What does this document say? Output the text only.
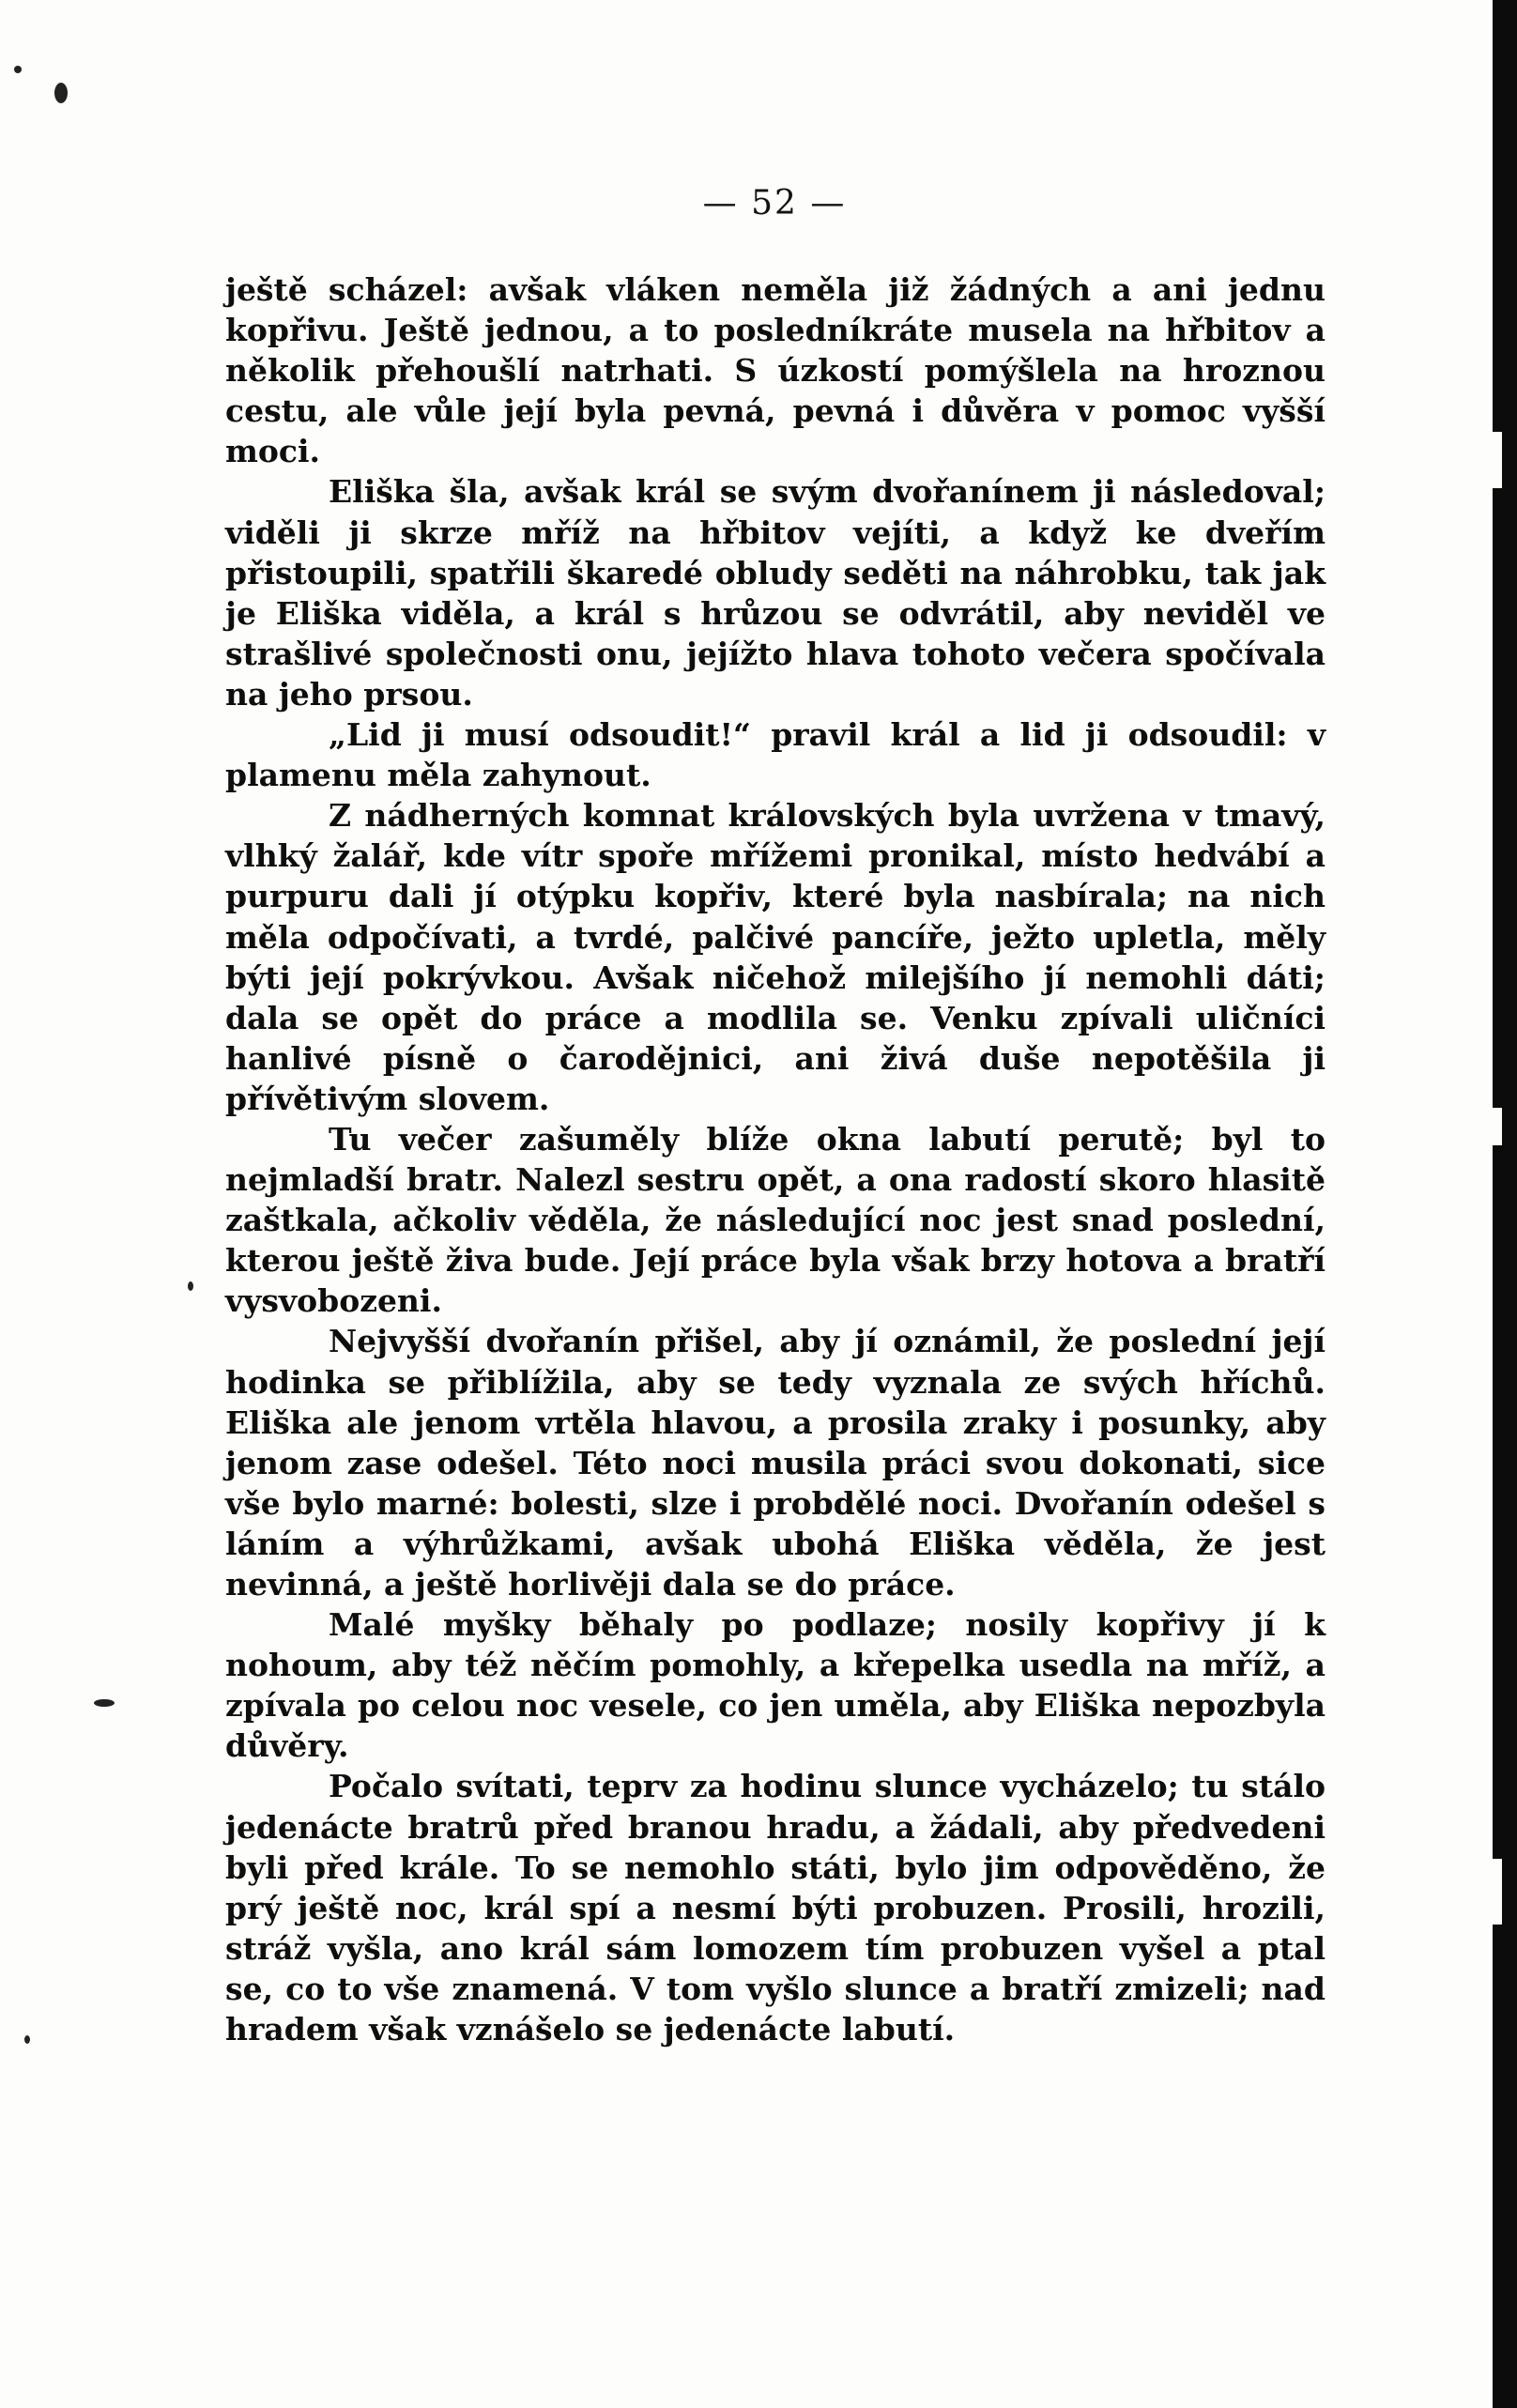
— 52 —

ještě scházel: avšak vláken neměla již žádných a ani jednu kopřivu. Ještě jednou, a to posledníkráte musela na hřbitov a několik přehoušlí natrhati. S úzkostí pomýšlela na hroznou cestu, ale vůle její byla pevná, pevná i důvěra v pomoc vyšší moci.

Eliška šla, avšak král se svým dvořanínem ji následoval; viděli ji skrze mříž na hřbitov vejíti, a když ke dveřím přistoupili, spatřili škaredé obludy seděti na náhrobku, tak jak je Eliška viděla, a král s hrůzou se odvrátil, aby neviděl ve strašlivé společnosti onu, jejížto hlava tohoto večera spočívala na jeho prsou.

„Lid ji musí odsoudit!“ pravil král a lid ji odsoudil: v plamenu měla zahynout.

Z nádherných komnat královských byla uvržena v tmavý, vlhký žalář, kde vítr spoře mřížemi pronikal, místo hedvábí a purpuru dali jí otýpku kopřiv, které byla nasbírala; na nich měla odpočívati, a tvrdé, palčivé pancíře, ježto upletla, měly býti její pokrývkou. Avšak ničehož milejšího jí nemohli dáti; dala se opět do práce a modlila se. Venku zpívali uličníci hanlivé písně o čarodějnici, ani živá duše nepotěšila ji přívětivým slovem.

Tu večer zašuměly blíže okna labutí perutě; byl to nejmladší bratr. Nalezl sestru opět, a ona radostí skoro hlasitě zaštkala, ačkoliv věděla, že následující noc jest snad poslední, kterou ještě živa bude. Její práce byla však brzy hotova a bratří vysvobozeni.

Nejvyšší dvořanín přišel, aby jí oznámil, že poslední její hodinka se přiblížila, aby se tedy vyznala ze svých hříchů. Eliška ale jenom vrtěla hlavou, a prosila zraky i posunky, aby jenom zase odešel. Této noci musila práci svou dokonati, sice vše bylo marné: bolesti, slze i probdělé noci. Dvořanín odešel s láním a výhrůžkami, avšak ubohá Eliška věděla, že jest nevinná, a ještě horlivěji dala se do práce.

Malé myšky běhaly po podlaze; nosily kopřivy jí k nohoum, aby též něčím pomohly, a křepelka usedla na mříž, a zpívala po celou noc vesele, co jen uměla, aby Eliška nepozbyla důvěry.

Počalo svítati, teprv za hodinu slunce vycházelo; tu stálo jedenácte bratrů před branou hradu, a žádali, aby předvedeni byli před krále. To se nemohlo státi, bylo jim odpověděno, že prý ještě noc, král spí a nesmí býti probuzen. Prosili, hrozili, stráž vyšla, ano král sám lomozem tím probuzen vyšel a ptal se, co to vše znamená. V tom vyšlo slunce a bratří zmizeli; nad hradem však vznášelo se jedenácte labutí.
